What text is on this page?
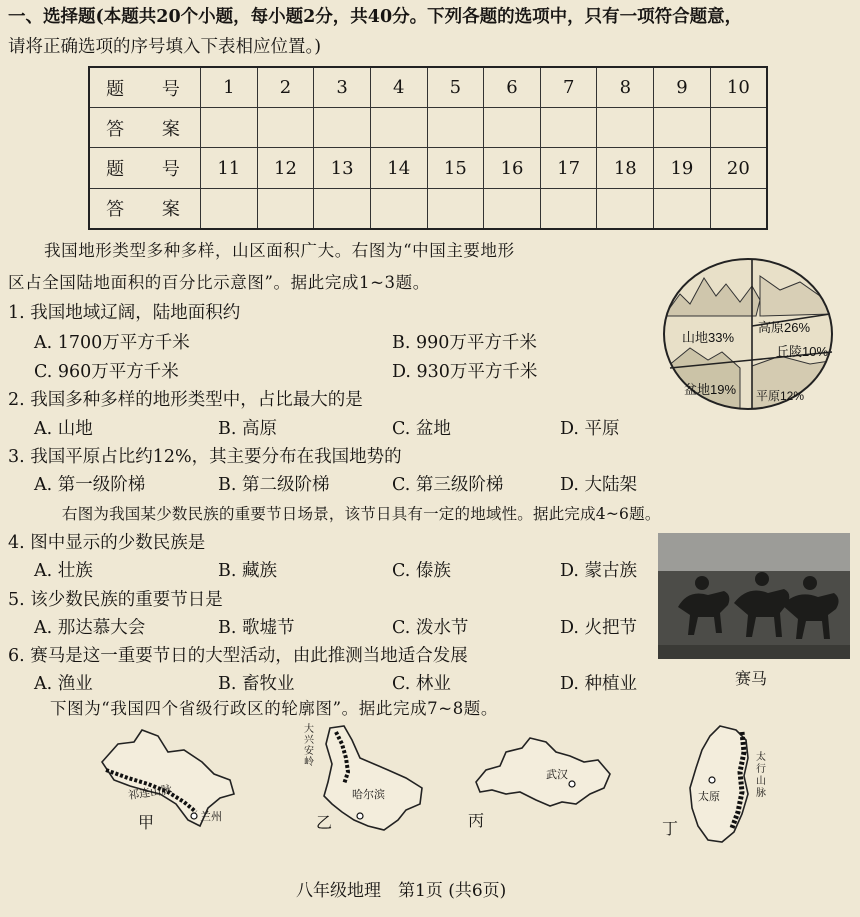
一、选择题(本题共20个小题，每小题2分，共40分。下列各题的选项中，只有一项符合题意，
请将正确选项的序号填入下表相应位置。)
题 号	1	2	3	4	5	6	7	8	9	10
答 案										
题 号	11	12	13	14	15	16	17	18	19	20
答 案										
我国地形类型多种多样，山区面积广大。右图为“中国主要地形
区占全国陆地面积的百分比示意图”。据此完成1~3题。
山地33%
高原26%
丘陵10%
平原12%
盆地19%
1. 我国地域辽阔，陆地面积约
A. 1700万平方千米	B. 990万平方千米
C. 960万平方千米	D. 930万平方千米
2. 我国多种多样的地形类型中，占比最大的是
A. 山地	B. 高原	C. 盆地	D. 平原
3. 我国平原占比约12%，其主要分布在我国地势的
A. 第一级阶梯	B. 第二级阶梯	C. 第三级阶梯	D. 大陆架
右图为我国某少数民族的重要节日场景，该节日具有一定的地域性。据此完成4~6题。
4. 图中显示的少数民族是
A. 壮族	B. 藏族	C. 傣族	D. 蒙古族
5. 该少数民族的重要节日是
A. 那达慕大会	B. 歌墟节	C. 泼水节	D. 火把节
6. 赛马是这一重要节日的大型活动，由此推测当地适合发展
A. 渔业	B. 畜牧业	C. 林业	D. 种植业	赛马
下图为“我国四个省级行政区的轮廓图”。据此完成7~8题。
祁连山脉
兰州
甲
大兴安岭
哈尔滨
乙
武汉
丙
太行山脉
太原
丁
八年级地理　第1页 (共6页)
